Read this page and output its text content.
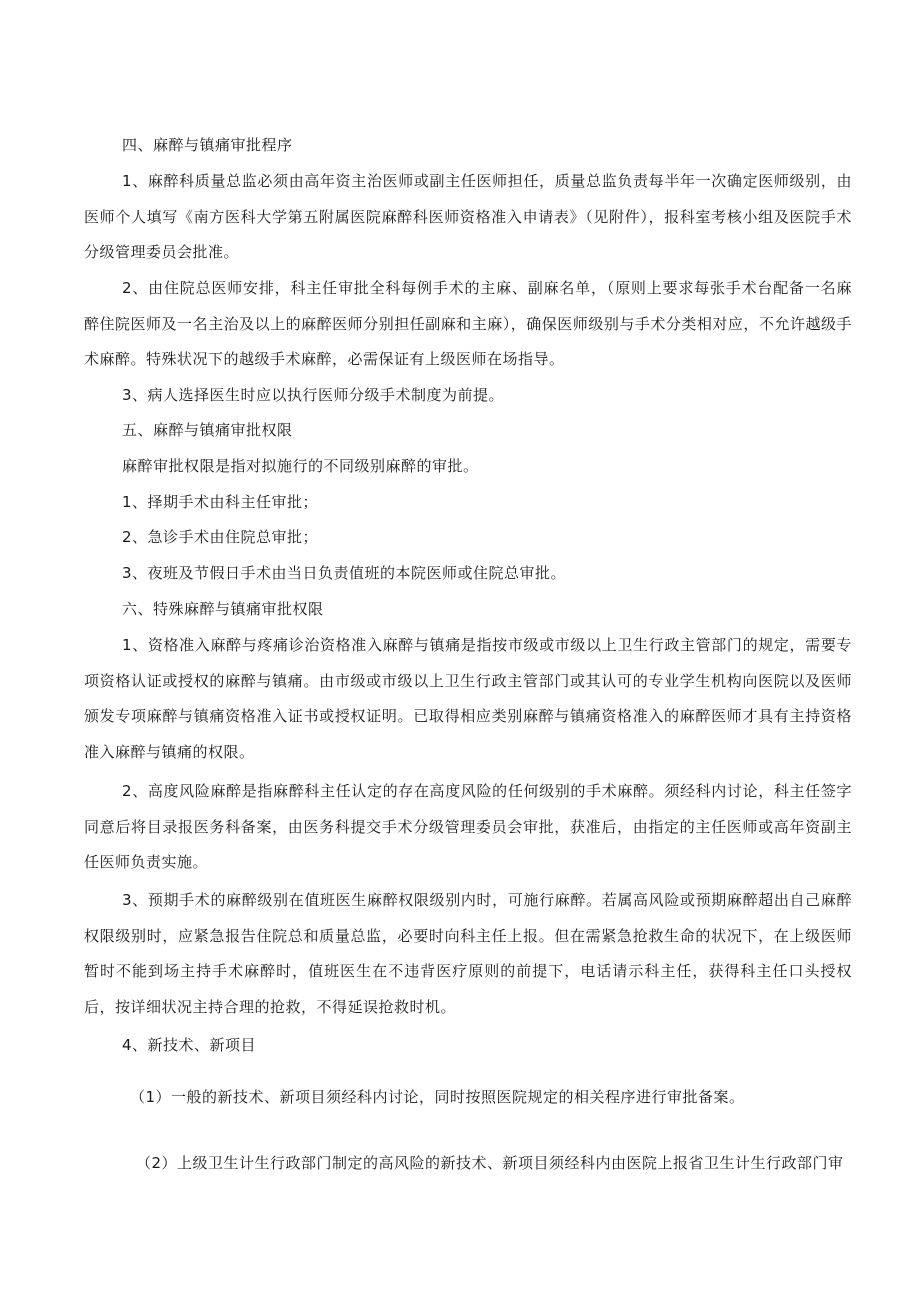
四、麻醉与镇痛审批程序

1、麻醉科质量总监必须由高年资主治医师或副主任医师担任，质量总监负责每半年一次确定医师级别，由医师个人填写《南方医科大学第五附属医院麻醉科医师资格准入申请表》（见附件），报科室考核小组及医院手术分级管理委员会批准。

2、由住院总医师安排，科主任审批全科每例手术的主麻、副麻名单，（原则上要求每张手术台配备一名麻醉住院医师及一名主治及以上的麻醉医师分别担任副麻和主麻），确保医师级别与手术分类相对应，不允许越级手术麻醉。特殊状况下的越级手术麻醉，必需保证有上级医师在场指导。

3、病人选择医生时应以执行医师分级手术制度为前提。

五、麻醉与镇痛审批权限

麻醉审批权限是指对拟施行的不同级别麻醉的审批。

1、择期手术由科主任审批；

2、急诊手术由住院总审批；

3、夜班及节假日手术由当日负责值班的本院医师或住院总审批。

六、特殊麻醉与镇痛审批权限

1、资格准入麻醉与疼痛诊治资格准入麻醉与镇痛是指按市级或市级以上卫生行政主管部门的规定，需要专项资格认证或授权的麻醉与镇痛。由市级或市级以上卫生行政主管部门或其认可的专业学生机构向医院以及医师颁发专项麻醉与镇痛资格准入证书或授权证明。已取得相应类别麻醉与镇痛资格准入的麻醉医师才具有主持资格准入麻醉与镇痛的权限。

2、高度风险麻醉是指麻醉科主任认定的存在高度风险的任何级别的手术麻醉。须经科内讨论，科主任签字同意后将目录报医务科备案，由医务科提交手术分级管理委员会审批，获准后，由指定的主任医师或高年资副主任医师负责实施。

3、预期手术的麻醉级别在值班医生麻醉权限级别内时，可施行麻醉。若属高风险或预期麻醉超出自己麻醉权限级别时，应紧急报告住院总和质量总监，必要时向科主任上报。但在需紧急抢救生命的状况下，在上级医师暂时不能到场主持手术麻醉时，值班医生在不违背医疗原则的前提下，电话请示科主任，获得科主任口头授权后，按详细状况主持合理的抢救，不得延误抢救时机。

4、新技术、新项目

（1）一般的新技术、新项目须经科内讨论，同时按照医院规定的相关程序进行审批备案。

（2）上级卫生计生行政部门制定的高风险的新技术、新项目须经科内由医院上报省卫生计生行政部门审
